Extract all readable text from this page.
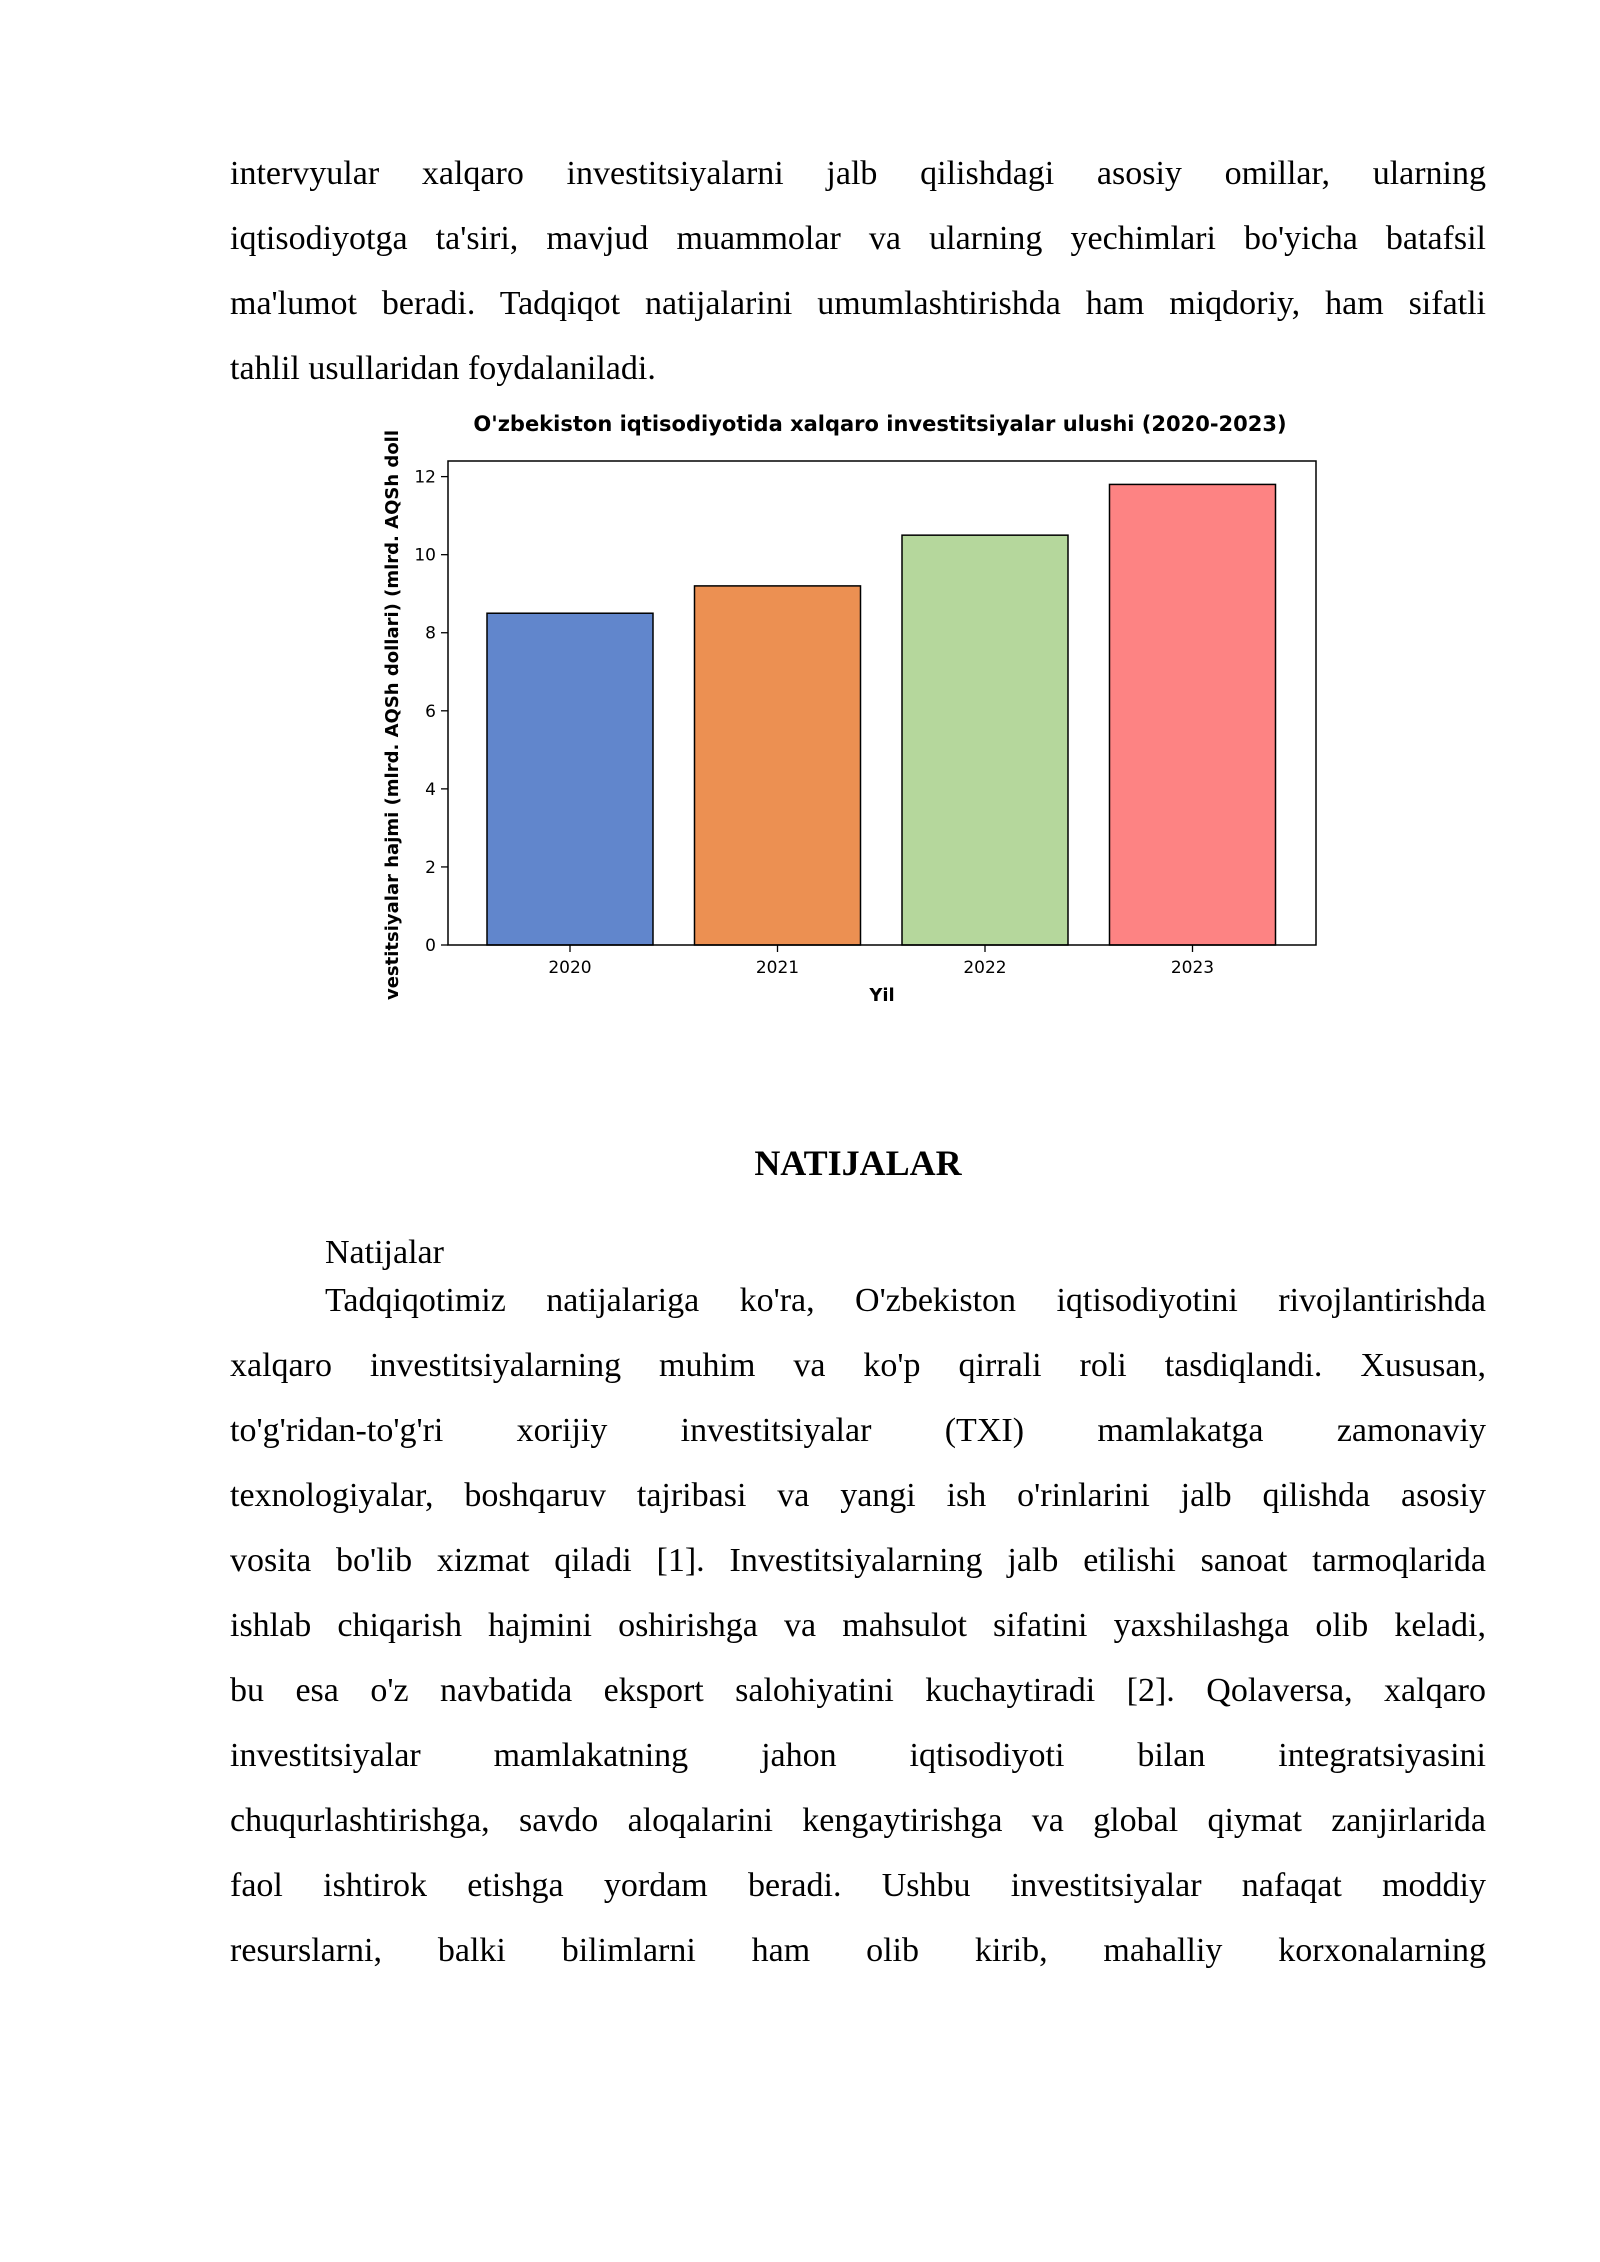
intervyular xalqaro investitsiyalarni jalb qilishdagi asosiy omillar, ularning
iqtisodiyotga ta'siri, mavjud muammolar va ularning yechimlari bo'yicha batafsil
ma'lumot beradi. Tadqiqot natijalarini umumlashtirishda ham miqdoriy, ham sifatli
tahlil usullaridan foydalaniladi.
O'zbekiston iqtisodiyotida xalqaro investitsiyalar ulushi (2020-2023)
vestitsiyalar hajmi (mlrd. AQSh dollari) (mlrd. AQSh doll	Yil
0
2
4
6
8
10
12
2020	2021	2022	2023
NATIJALAR

Natijalar

Tadqiqotimiz natijalariga ko'ra, O'zbekiston iqtisodiyotini rivojlantirishda
xalqaro investitsiyalarning muhim va ko'p qirrali roli tasdiqlandi. Xususan,
to'g'ridan-to'g'ri xorijiy investitsiyalar (TXI) mamlakatga zamonaviy
texnologiyalar, boshqaruv tajribasi va yangi ish o'rinlarini jalb qilishda asosiy
vosita bo'lib xizmat qiladi [1]. Investitsiyalarning jalb etilishi sanoat tarmoqlarida
ishlab chiqarish hajmini oshirishga va mahsulot sifatini yaxshilashga olib keladi,
bu esa o'z navbatida eksport salohiyatini kuchaytiradi [2]. Qolaversa, xalqaro
investitsiyalar mamlakatning jahon iqtisodiyoti bilan integratsiyasini
chuqurlashtirishga, savdo aloqalarini kengaytirishga va global qiymat zanjirlarida
faol ishtirok etishga yordam beradi. Ushbu investitsiyalar nafaqat moddiy
resurslarni, balki bilimlarni ham olib kirib, mahalliy korxonalarning
